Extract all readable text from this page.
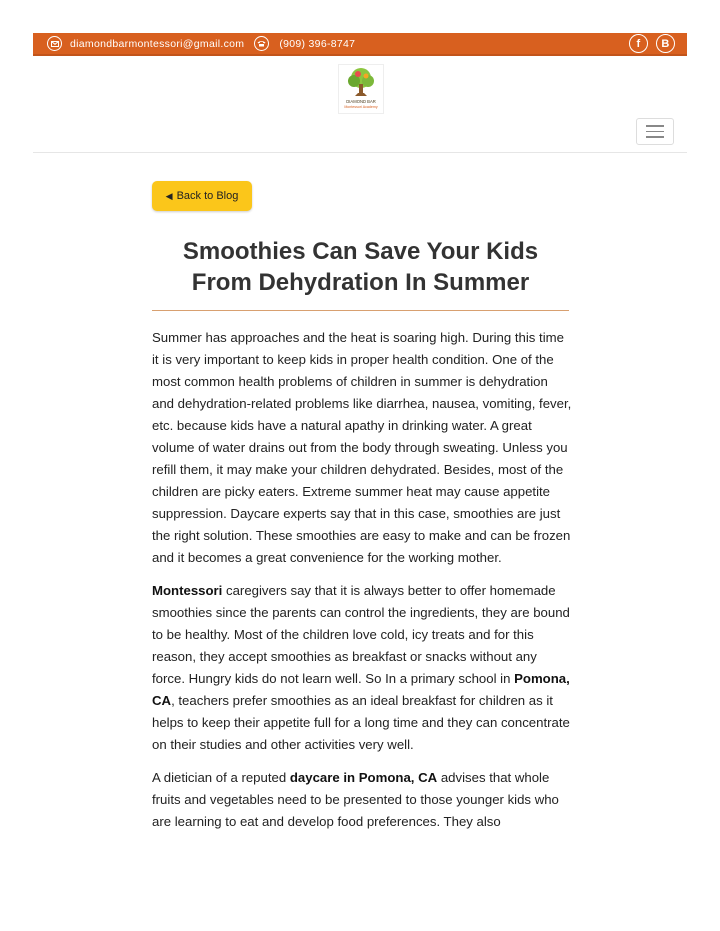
diamondbarmontessori@gmail.com	(909) 396-8747	f	B
DIAMOND BAR
Montessori Academy
◀ Back to Blog
Smoothies Can Save Your Kids
From Dehydration In Summer

Summer has approaches and the heat is soaring high. During this time it is very important to keep kids in proper health condition. One of the most common health problems of children in summer is dehydration and dehydration-related problems like diarrhea, nausea, vomiting, fever, etc. because kids have a natural apathy in drinking water. A great volume of water drains out from the body through sweating. Unless you refill them, it may make your children dehydrated. Besides, most of the children are picky eaters. Extreme summer heat may cause appetite suppression. Daycare experts say that in this case, smoothies are just the right solution. These smoothies are easy to make and can be frozen and it becomes a great convenience for the working mother.

Montessori caregivers say that it is always better to offer homemade smoothies since the parents can control the ingredients, they are bound to be healthy. Most of the children love cold, icy treats and for this reason, they accept smoothies as breakfast or snacks without any force. Hungry kids do not learn well. So In a primary school in Pomona, CA, teachers prefer smoothies as an ideal breakfast for children as it helps to keep their appetite full for a long time and they can concentrate on their studies and other activities very well.

A dietician of a reputed daycare in Pomona, CA advises that whole fruits and vegetables need to be presented to those younger kids who are learning to eat and develop food preferences. They also
